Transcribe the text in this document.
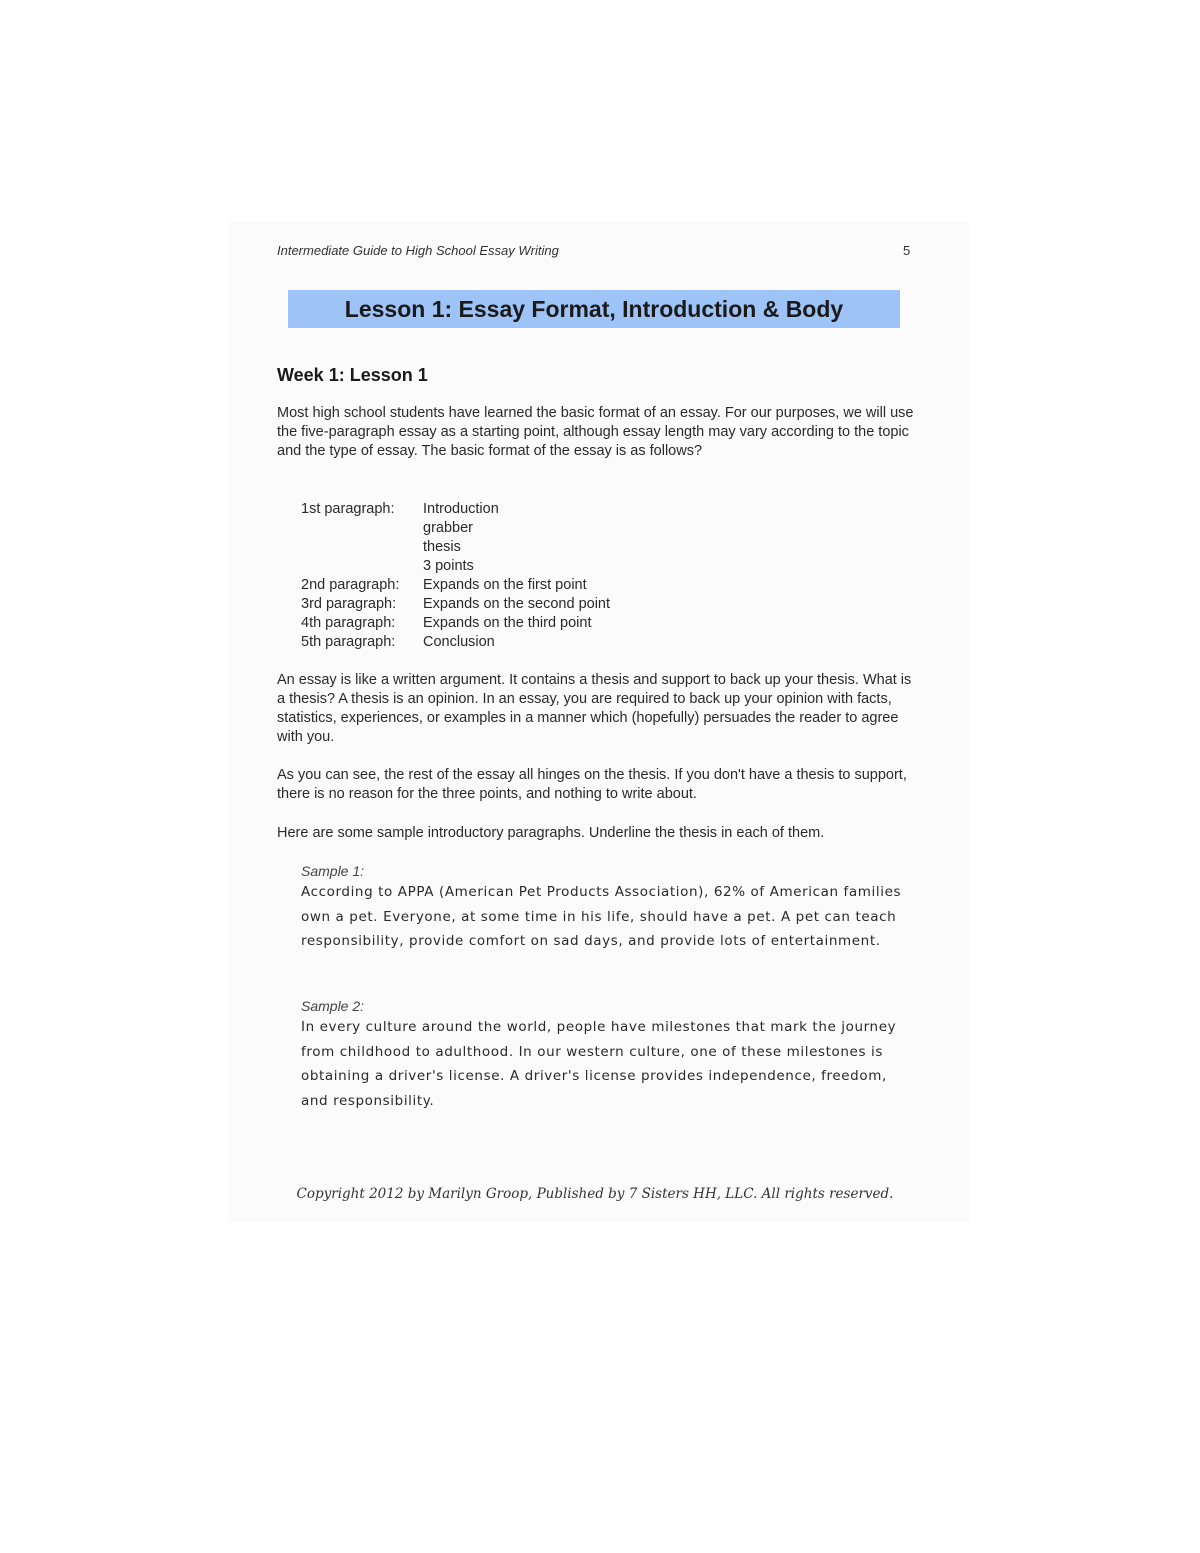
Intermediate Guide to High School Essay Writing	5
Lesson 1: Essay Format, Introduction & Body
Week 1: Lesson 1
Most high school students have learned the basic format of an essay. For our purposes, we will use the five-paragraph essay as a starting point, although essay length may vary according to the topic and the type of essay. The basic format of the essay is as follows?
1st paragraph:	Introduction
	grabber
	thesis
	3 points
2nd paragraph:	Expands on the first point
3rd paragraph:	Expands on the second point
4th paragraph:	Expands on the third point
5th paragraph:	Conclusion
An essay is like a written argument. It contains a thesis and support to back up your thesis. What is a thesis? A thesis is an opinion. In an essay, you are required to back up your opinion with facts, statistics, experiences, or examples in a manner which (hopefully) persuades the reader to agree with you.
As you can see, the rest of the essay all hinges on the thesis. If you don't have a thesis to support, there is no reason for the three points, and nothing to write about.
Here are some sample introductory paragraphs. Underline the thesis in each of them.
Sample 1:
According to APPA (American Pet Products Association), 62% of American families own a pet. Everyone, at some time in his life, should have a pet. A pet can teach responsibility, provide comfort on sad days, and provide lots of entertainment.
Sample 2:
In every culture around the world, people have milestones that mark the journey from childhood to adulthood. In our western culture, one of these milestones is obtaining a driver's license. A driver's license provides independence, freedom, and responsibility.
Copyright 2012 by Marilyn Groop, Published by 7 Sisters HH, LLC. All rights reserved.
